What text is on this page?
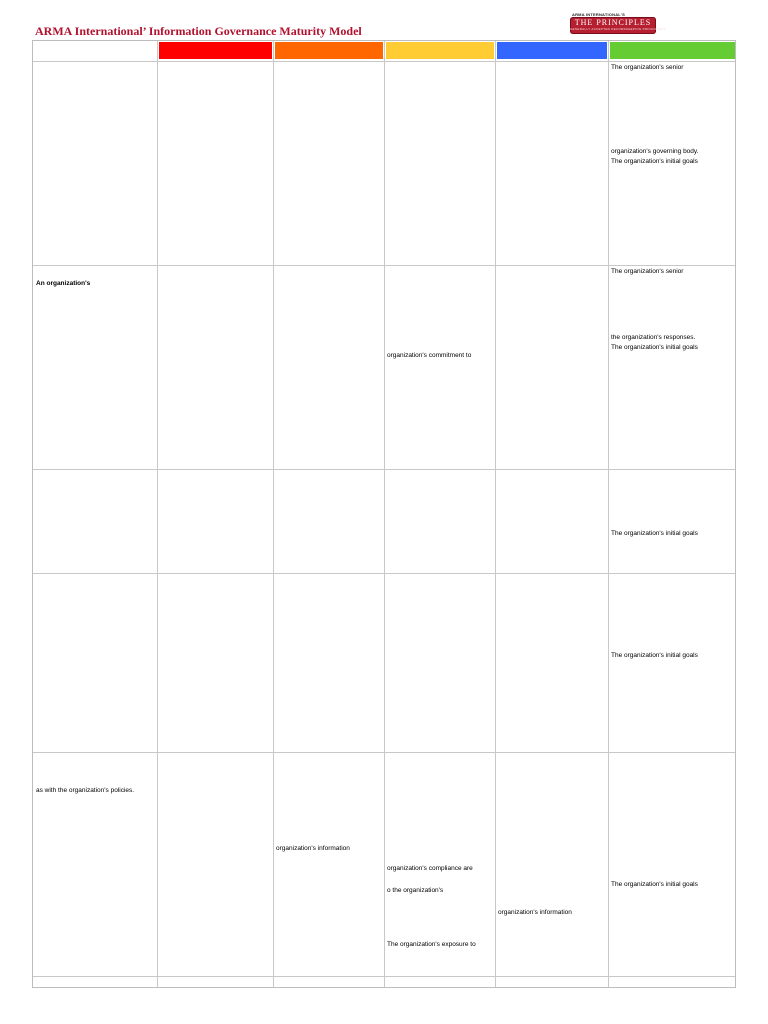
ARMA International’ Information Governance Maturity Model
ARMA INTERNATIONAL'S
THE PRINCIPLES
GENERALLY ACCEPTED RECORDKEEPING PRINCIPLES®
The organization's senior
organization's governing body.
The organization's initial goals
An organization's
organization's commitment to
The organization's senior
the organization's responses.
The organization's initial goals
The organization's initial goals
The organization's initial goals
as with the organization's policies.
organization's information
organization's compliance are
o the organization's
The organization's exposure to
organization's information
The organization's initial goals
